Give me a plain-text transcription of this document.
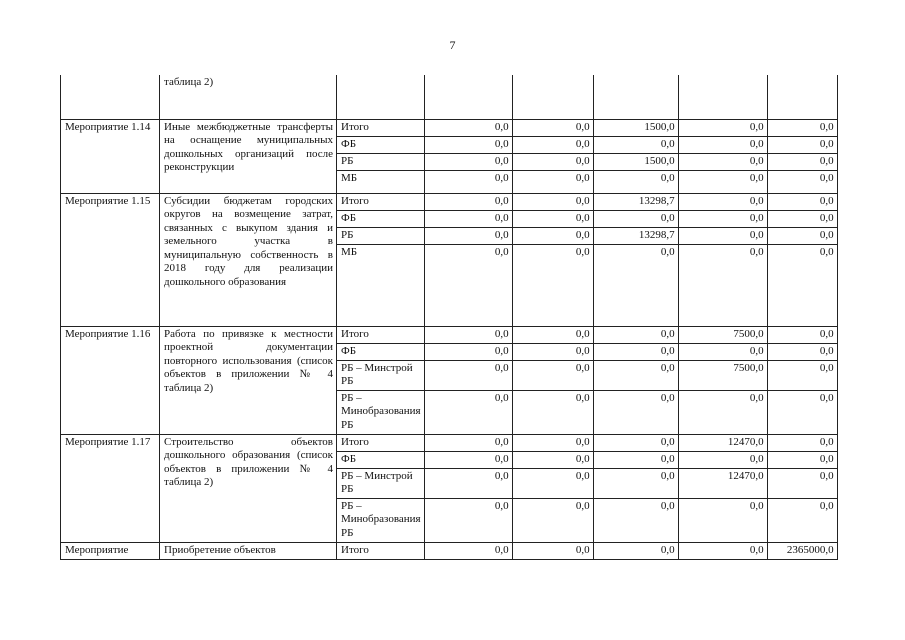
7
	таблица 2)						
Мероприятие 1.14	Иные межбюджетные трансферты на оснащение муниципальных дошкольных организаций после реконструкции	Итого	0,0	0,0	1500,0	0,0	0,0
		ФБ	0,0	0,0	0,0	0,0	0,0
		РБ	0,0	0,0	1500,0	0,0	0,0
		МБ	0,0	0,0	0,0	0,0	0,0
Мероприятие 1.15	Субсидии бюджетам городских округов на возмещение затрат, связанных с выкупом здания и земельного участка в муниципальную собственность в 2018 году для реализации дошкольного образования	Итого	0,0	0,0	13298,7	0,0	0,0
		ФБ	0,0	0,0	0,0	0,0	0,0
		РБ	0,0	0,0	13298,7	0,0	0,0
		МБ	0,0	0,0	0,0	0,0	0,0
Мероприятие 1.16	Работа по привязке к местности проектной документации повторного использования (список объектов в приложении № 4 таблица 2)	Итого	0,0	0,0	0,0	7500,0	0,0
		ФБ	0,0	0,0	0,0	0,0	0,0
		РБ – Минстрой РБ	0,0	0,0	0,0	7500,0	0,0
		РБ – Минобразования РБ	0,0	0,0	0,0	0,0	0,0
Мероприятие 1.17	Строительство объектов дошкольного образования (список объектов в приложении № 4 таблица 2)	Итого	0,0	0,0	0,0	12470,0	0,0
		ФБ	0,0	0,0	0,0	0,0	0,0
		РБ – Минстрой РБ	0,0	0,0	0,0	12470,0	0,0
		РБ – Минобразования РБ	0,0	0,0	0,0	0,0	0,0
Мероприятие	Приобретение объектов	Итого	0,0	0,0	0,0	0,0	2365000,0
